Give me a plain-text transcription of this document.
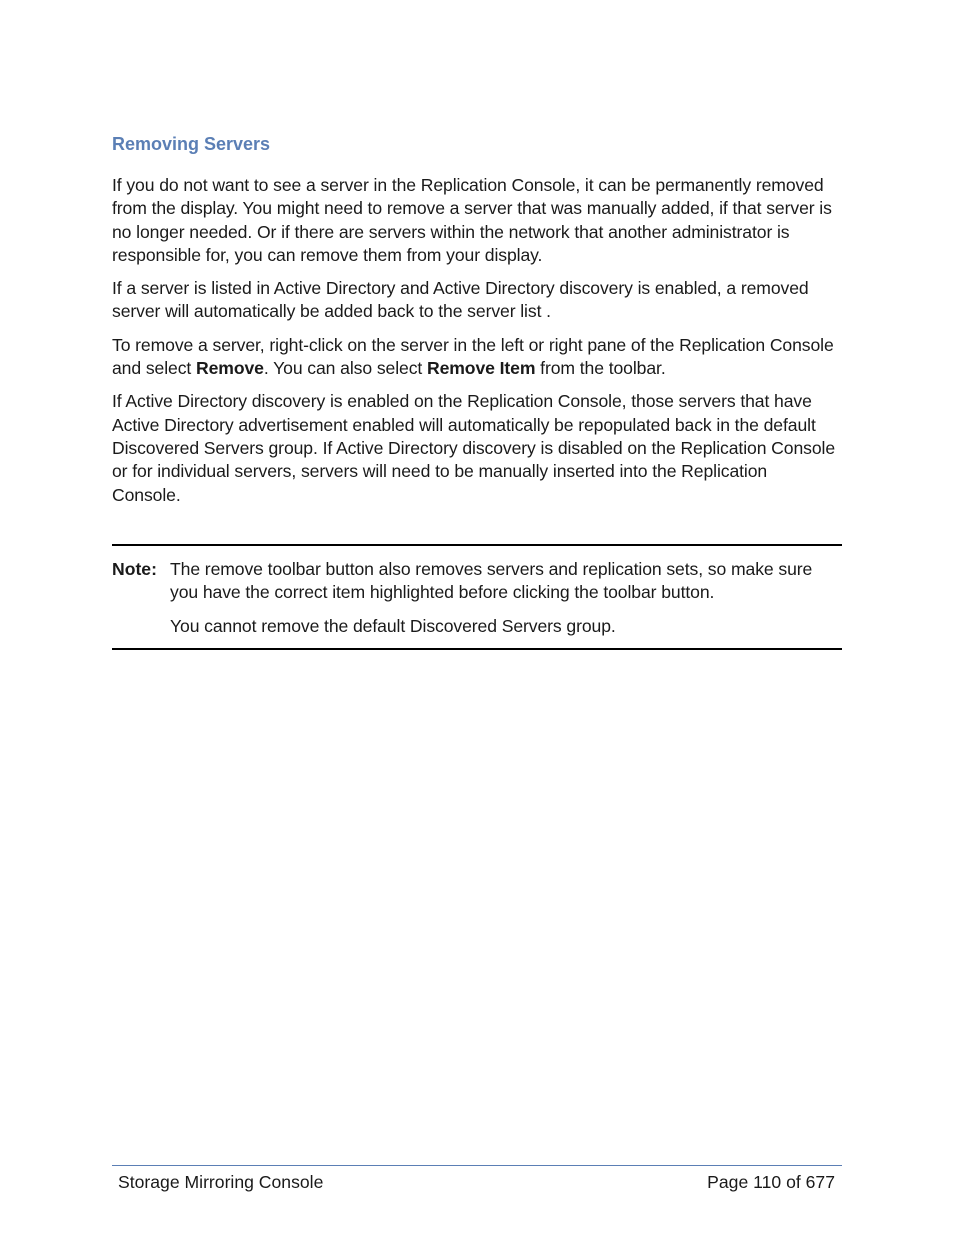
Removing Servers

If you do not want to see a server in the Replication Console, it can be permanently removed from the display. You might need to remove a server that was manually added, if that server is no longer needed. Or if there are servers within the network that another administrator is responsible for, you can remove them from your display.

If a server is listed in Active Directory and Active Directory discovery is enabled, a removed server will automatically be added back to the server list .

To remove a server, right-click on the server in the left or right pane of the Replication Console and select Remove. You can also select Remove Item from the toolbar.

If Active Directory discovery is enabled on the Replication Console, those servers that have Active Directory advertisement enabled will automatically be repopulated back in the default Discovered Servers group. If Active Directory discovery is disabled on the Replication Console or for individual servers, servers will need to be manually inserted into the Replication Console.

Note: The remove toolbar button also removes servers and replication sets, so make sure you have the correct item highlighted before clicking the toolbar button.

You cannot remove the default Discovered Servers group.

Storage Mirroring Console	Page 110 of 677
